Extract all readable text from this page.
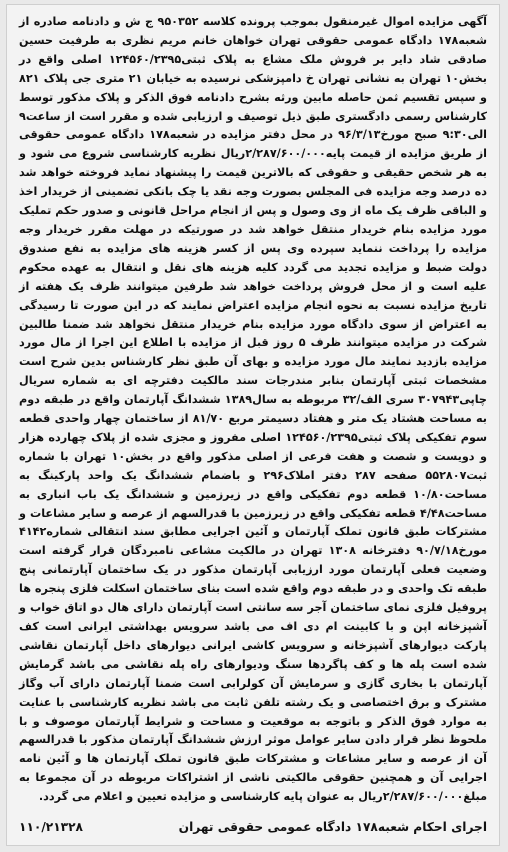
آگهی مزایده اموال غیرمنقول بموجب پرونده کلاسه ۹۵۰۳۵۲ ج ش و دادنامه صادره از شعبه۱۷۸ دادگاه عمومی حقوقی تهران خواهان خانم مریم نظری به طرفیت حسین صادقی شاد دایر بر فروش ملک مشاع به پلاک ثبتی۱۲۴۵۶۰/۲۳۹۵ اصلی واقع در بخش۱۰ تهران به نشانی تهران خ دامپزشکی نرسیده به خیابان ۲۱ متری جی پلاک ۸۲۱ و سپس تقسیم ثمن حاصله مابین ورثه بشرح دادنامه فوق الذکر و پلاک مذکور توسط کارشناس رسمی دادگستری طبق ذیل توصیف و ارزیابی شده و مقرر است از ساعت۹ الی۹:۳۰ صبح مورخ۹۶/۳/۱۳ در محل دفتر مزایده در شعبه۱۷۸ دادگاه عمومی حقوقی از طریق مزایده از قیمت پایه۲/۲۸۷/۶۰۰/۰۰۰ریال نظریه کارشناسی شروع می شود و به هر شخص حقیقی و حقوقی که بالاترین قیمت را پیشنهاد نماید فروخته خواهد شد ده درصد وجه مزایده فی المجلس بصورت وجه نقد یا چک بانکی تضمینی از خریدار اخذ و الباقی ظرف یک ماه از وی وصول و پس از انجام مراحل قانونی و صدور حکم تملیک مورد مزایده بنام خریدار منتقل خواهد شد در صورتیکه در مهلت مقرر خریدار وجه مزایده را پرداخت ننماید سپرده وی پس از کسر هزینه های مزایده به نفع صندوق دولت ضبط و مزایده تجدید می گردد کلیه هزینه های نقل و انتقال به عهده محکوم علیه است و از محل فروش پرداخت خواهد شد طرفین میتوانند ظرف یک هفته از تاریخ مزایده نسبت به نحوه انجام مزایده اعتراض نمایند که در این صورت تا رسیدگی به اعتراض از سوی دادگاه مورد مزایده بنام خریدار منتقل نخواهد شد ضمنا طالبین شرکت در مزایده میتوانند ظرف ۵ روز قبل از مزایده با اطلاع این اجرا از مال مورد مزایده بازدید نمایند مال مورد مزایده و بهای آن طبق نظر کارشناس بدین شرح است مشخصات ثبتی آپارتمان بنابر مندرجات سند مالکیت دفترچه ای به شماره سریال چاپی۳۰۷۹۴۳ سری الف/۳۲ مربوطه به سال۱۳۸۹ ششدانگ آپارتمان واقع در طبقه دوم به مساحت هشتاد یک متر و هفتاد دسیمتر مربع ۸۱/۷۰ از ساختمان چهار واحدی قطعه سوم تفکیکی پلاک ثبتی۱۲۴۵۶۰/۲۳۹۵ اصلی مفروز و مجزی شده از پلاک چهارده هزار و دویست و شصت و هفت فرعی از اصلی مذکور واقع در بخش۱۰ تهران با شماره ثبت۵۵۲۸۰۷ صفحه ۲۸۷ دفتر املاک۲۹۶ و باضمام ششدانگ یک واحد پارکینگ به مساحت۱۰/۸۰ قطعه دوم تفکیکی واقع در زیرزمین و ششدانگ یک باب انباری به مساحت۴/۴۸ قطعه تفکیکی واقع در زیرزمین با قدرالسهم از عرصه و سایر مشاعات و مشترکات طبق قانون تملک آپارتمان و آئین اجرایی مطابق سند انتقالی شماره۴۱۴۲ مورخ۹۰/۷/۱۸ دفترخانه ۱۳۰۸ تهران در مالکیت مشاعی نامبردگان قرار گرفته است وضعیت فعلی آپارتمان مورد ارزیابی آپارتمان مذکور در یک ساختمان آپارتمانی پنج طبقه تک واحدی و در طبقه دوم واقع شده است بنای ساختمان اسکلت فلزی پنجره ها پروفیل فلزی نمای ساختمان آجر سه سانتی است آپارتمان دارای هال دو اتاق خواب و آشپزخانه اپن و با کابینت ام دی اف می باشد سرویس بهداشتی ایرانی است کف پارکت دیوارهای آشپزخانه و سرویس کاشی ایرانی دیوارهای داخل آپارتمان نقاشی شده است پله ها و کف پاگردها سنگ ودیوارهای راه پله نقاشی می باشد گرمایش آپارتمان با بخاری گازی و سرمایش آن کولرابی است ضمنا آپارتمان دارای آب وگاز مشترک و برق اختصاصی و یک رشته تلفن ثابت می باشد نظریه کارشناسی با عنایت به موارد فوق الذکر و باتوجه به موقعیت و مساحت و شرایط آپارتمان موصوف و با ملحوظ نظر قرار دادن سایر عوامل موثر ارزش ششدانگ آپارتمان مذکور با قدرالسهم آن از عرصه و سایر مشاعات و مشترکات طبق قانون تملک آپارتمان ها و آئین نامه اجرایی آن و همچنین حقوقی مالکیتی ناشی از اشتراکات مربوطه در آن مجموعا به مبلغ۲/۲۸۷/۶۰۰/۰۰۰ریال به عنوان پایه کارشناسی و مزایده تعیین و اعلام می گردد.

اجرای احکام شعبه۱۷۸ دادگاه عمومی حقوقی تهران
۱۱۰/۲۱۳۲۸
